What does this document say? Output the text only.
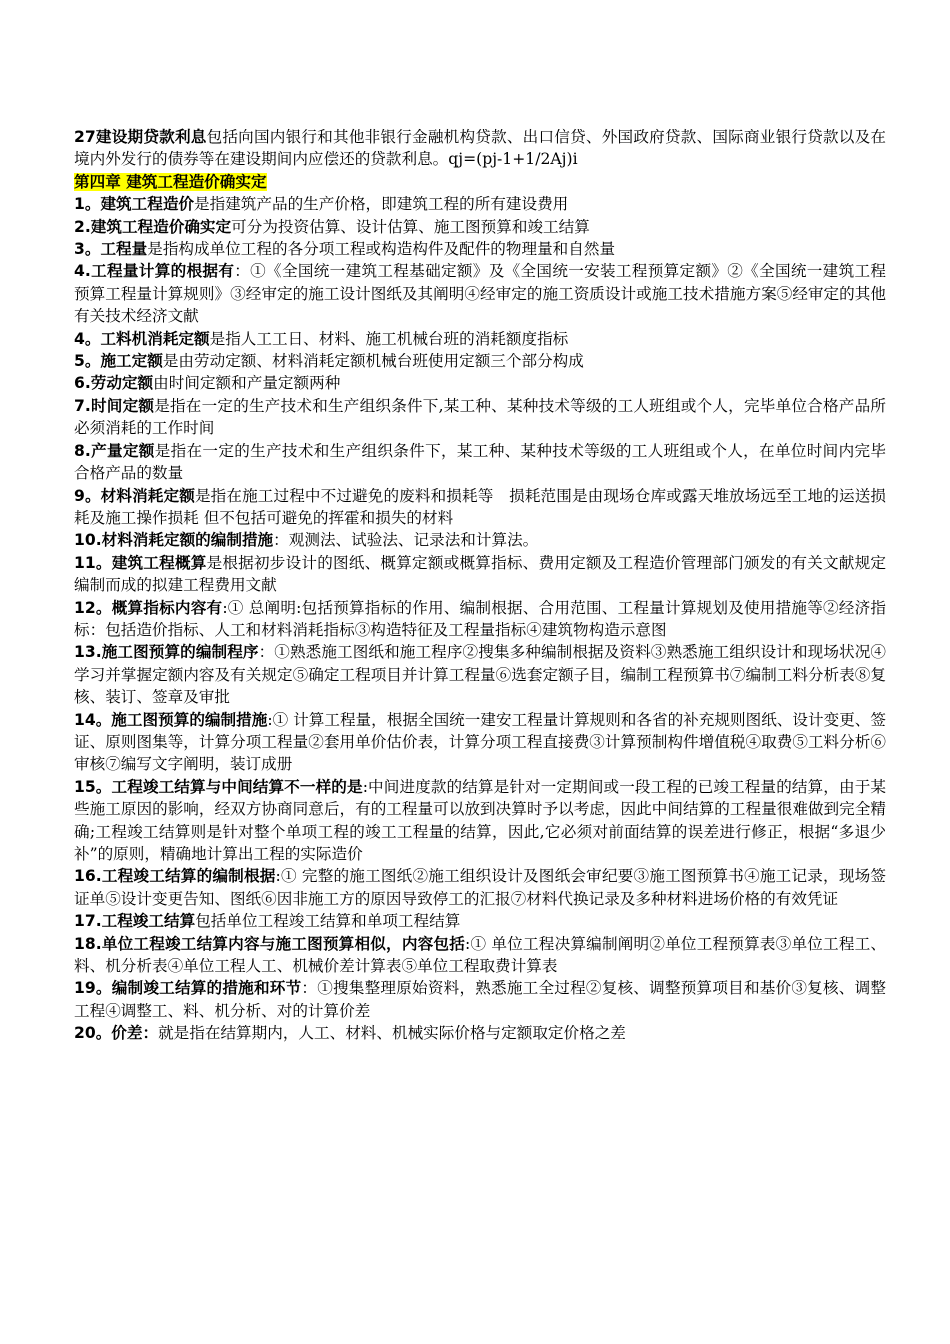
27建设期贷款利息包括向国内银行和其他非银行金融机构贷款、出口信贷、外国政府贷款、国际商业银行贷款以及在境内外发行的债券等在建设期间内应偿还的贷款利息。qj=(pj-1+1/2Aj)i

第四章 建筑工程造价确实定

1。建筑工程造价是指建筑产品的生产价格，即建筑工程的所有建设费用

2.建筑工程造价确实定可分为投资估算、设计估算、施工图预算和竣工结算

3。工程量是指构成单位工程的各分项工程或构造构件及配件的物理量和自然量

4.工程量计算的根据有：①《全国统一建筑工程基础定额》及《全国统一安装工程预算定额》②《全国统一建筑工程预算工程量计算规则》③经审定的施工设计图纸及其阐明④经审定的施工资质设计或施工技术措施方案⑤经审定的其他有关技术经济文献

4。工料机消耗定额是指人工工日、材料、施工机械台班的消耗额度指标

5。施工定额是由劳动定额、材料消耗定额机械台班使用定额三个部分构成

6.劳动定额由时间定额和产量定额两种

7.时间定额是指在一定的生产技术和生产组织条件下,某工种、某种技术等级的工人班组或个人，完毕单位合格产品所必须消耗的工作时间

8.产量定额是指在一定的生产技术和生产组织条件下，某工种、某种技术等级的工人班组或个人，在单位时间内完毕合格产品的数量

9。材料消耗定额是指在施工过程中不过避免的废料和损耗等　损耗范围是由现场仓库或露天堆放场远至工地的运送损耗及施工操作损耗 但不包括可避免的挥霍和损失的材料

10.材料消耗定额的编制措施：观测法、试验法、记录法和计算法。

11。建筑工程概算是根据初步设计的图纸、概算定额或概算指标、费用定额及工程造价管理部门颁发的有关文献规定编制而成的拟建工程费用文献

12。概算指标内容有:① 总阐明:包括预算指标的作用、编制根据、合用范围、工程量计算规划及使用措施等②经济指标：包括造价指标、人工和材料消耗指标③构造特征及工程量指标④建筑物构造示意图

13.施工图预算的编制程序：①熟悉施工图纸和施工程序②搜集多种编制根据及资料③熟悉施工组织设计和现场状况④学习并掌握定额内容及有关规定⑤确定工程项目并计算工程量⑥选套定额子目，编制工程预算书⑦编制工料分析表⑧复核、装订、签章及审批

14。施工图预算的编制措施:① 计算工程量，根据全国统一建安工程量计算规则和各省的补充规则图纸、设计变更、签证、原则图集等，计算分项工程量②套用单价估价表，计算分项工程直接费③计算预制构件增值税④取费⑤工料分析⑥审核⑦编写文字阐明，装订成册

15。工程竣工结算与中间结算不一样的是:中间进度款的结算是针对一定期间或一段工程的已竣工程量的结算，由于某些施工原因的影响，经双方协商同意后，有的工程量可以放到决算时予以考虑，因此中间结算的工程量很难做到完全精确;工程竣工结算则是针对整个单项工程的竣工工程量的结算，因此,它必须对前面结算的误差进行修正，根据“多退少补”的原则，精确地计算出工程的实际造价

16.工程竣工结算的编制根据:① 完整的施工图纸②施工组织设计及图纸会审纪要③施工图预算书④施工记录，现场签证单⑤设计变更告知、图纸⑥因非施工方的原因导致停工的汇报⑦材料代换记录及多种材料进场价格的有效凭证

17.工程竣工结算包括单位工程竣工结算和单项工程结算

18.单位工程竣工结算内容与施工图预算相似，内容包括:① 单位工程决算编制阐明②单位工程预算表③单位工程工、料、机分析表④单位工程人工、机械价差计算表⑤单位工程取费计算表

19。编制竣工结算的措施和环节：①搜集整理原始资料，熟悉施工全过程②复核、调整预算项目和基价③复核、调整工程④调整工、料、机分析、对的计算价差

20。价差：就是指在结算期内，人工、材料、机械实际价格与定额取定价格之差
